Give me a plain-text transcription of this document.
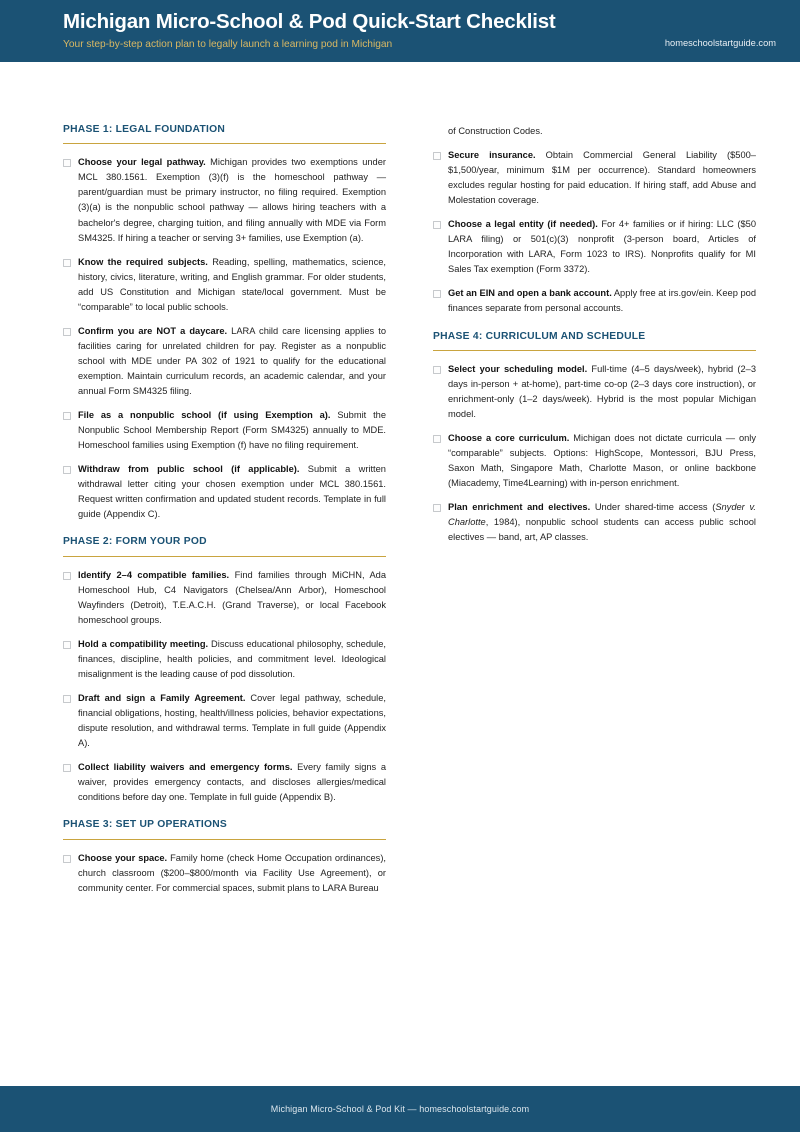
Michigan Micro-School & Pod Quick-Start Checklist

Your step-by-step action plan to legally launch a learning pod in Michigan	homeschoolstartguide.com
PHASE 1: LEGAL FOUNDATION
Choose your legal pathway. Michigan provides two exemptions under MCL 380.1561. Exemption (3)(f) is the homeschool pathway — parent/guardian must be primary instructor, no filing required. Exemption (3)(a) is the nonpublic school pathway — allows hiring teachers with a bachelor's degree, charging tuition, and filing annually with MDE via Form SM4325. If hiring a teacher or serving 3+ families, use Exemption (a).
Know the required subjects. Reading, spelling, mathematics, science, history, civics, literature, writing, and English grammar. For older students, add US Constitution and Michigan state/local government. Must be “comparable” to local public schools.
Confirm you are NOT a daycare. LARA child care licensing applies to facilities caring for unrelated children for pay. Register as a nonpublic school with MDE under PA 302 of 1921 to qualify for the educational exemption. Maintain curriculum records, an academic calendar, and your annual Form SM4325 filing.
File as a nonpublic school (if using Exemption a). Submit the Nonpublic School Membership Report (Form SM4325) annually to MDE. Homeschool families using Exemption (f) have no filing requirement.
Withdraw from public school (if applicable). Submit a written withdrawal letter citing your chosen exemption under MCL 380.1561. Request written confirmation and updated student records. Template in full guide (Appendix C).
PHASE 2: FORM YOUR POD
Identify 2–4 compatible families. Find families through MiCHN, Ada Homeschool Hub, C4 Navigators (Chelsea/Ann Arbor), Homeschool Wayfinders (Detroit), T.E.A.C.H. (Grand Traverse), or local Facebook homeschool groups.
Hold a compatibility meeting. Discuss educational philosophy, schedule, finances, discipline, health policies, and commitment level. Ideological misalignment is the leading cause of pod dissolution.
Draft and sign a Family Agreement. Cover legal pathway, schedule, financial obligations, hosting, health/illness policies, behavior expectations, dispute resolution, and withdrawal terms. Template in full guide (Appendix A).
Collect liability waivers and emergency forms. Every family signs a waiver, provides emergency contacts, and discloses allergies/medical conditions before day one. Template in full guide (Appendix B).
PHASE 3: SET UP OPERATIONS
Choose your space. Family home (check Home Occupation ordinances), church classroom ($200–$800/month via Facility Use Agreement), or community center. For commercial spaces, submit plans to LARA Bureau

of Construction Codes.

Secure insurance. Obtain Commercial General Liability ($500–$1,500/year, minimum $1M per occurrence). Standard homeowners excludes regular hosting for paid education. If hiring staff, add Abuse and Molestation coverage.
Choose a legal entity (if needed). For 4+ families or if hiring: LLC ($50 LARA filing) or 501(c)(3) nonprofit (3-person board, Articles of Incorporation with LARA, Form 1023 to IRS). Nonprofits qualify for MI Sales Tax exemption (Form 3372).
Get an EIN and open a bank account. Apply free at irs.gov/ein. Keep pod finances separate from personal accounts.
PHASE 4: CURRICULUM AND SCHEDULE
Select your scheduling model. Full-time (4–5 days/week), hybrid (2–3 days in-person + at-home), part-time co-op (2–3 days core instruction), or enrichment-only (1–2 days/week). Hybrid is the most popular Michigan model.
Choose a core curriculum. Michigan does not dictate curricula — only “comparable” subjects. Options: HighScope, Montessori, BJU Press, Saxon Math, Singapore Math, Charlotte Mason, or online backbone (Miacademy, Time4Learning) with in-person enrichment.
Plan enrichment and electives. Under shared-time access (Snyder v. Charlotte, 1984), nonpublic school students can access public school electives — band, art, AP classes.
Michigan Micro-School & Pod Kit — homeschoolstartguide.com
